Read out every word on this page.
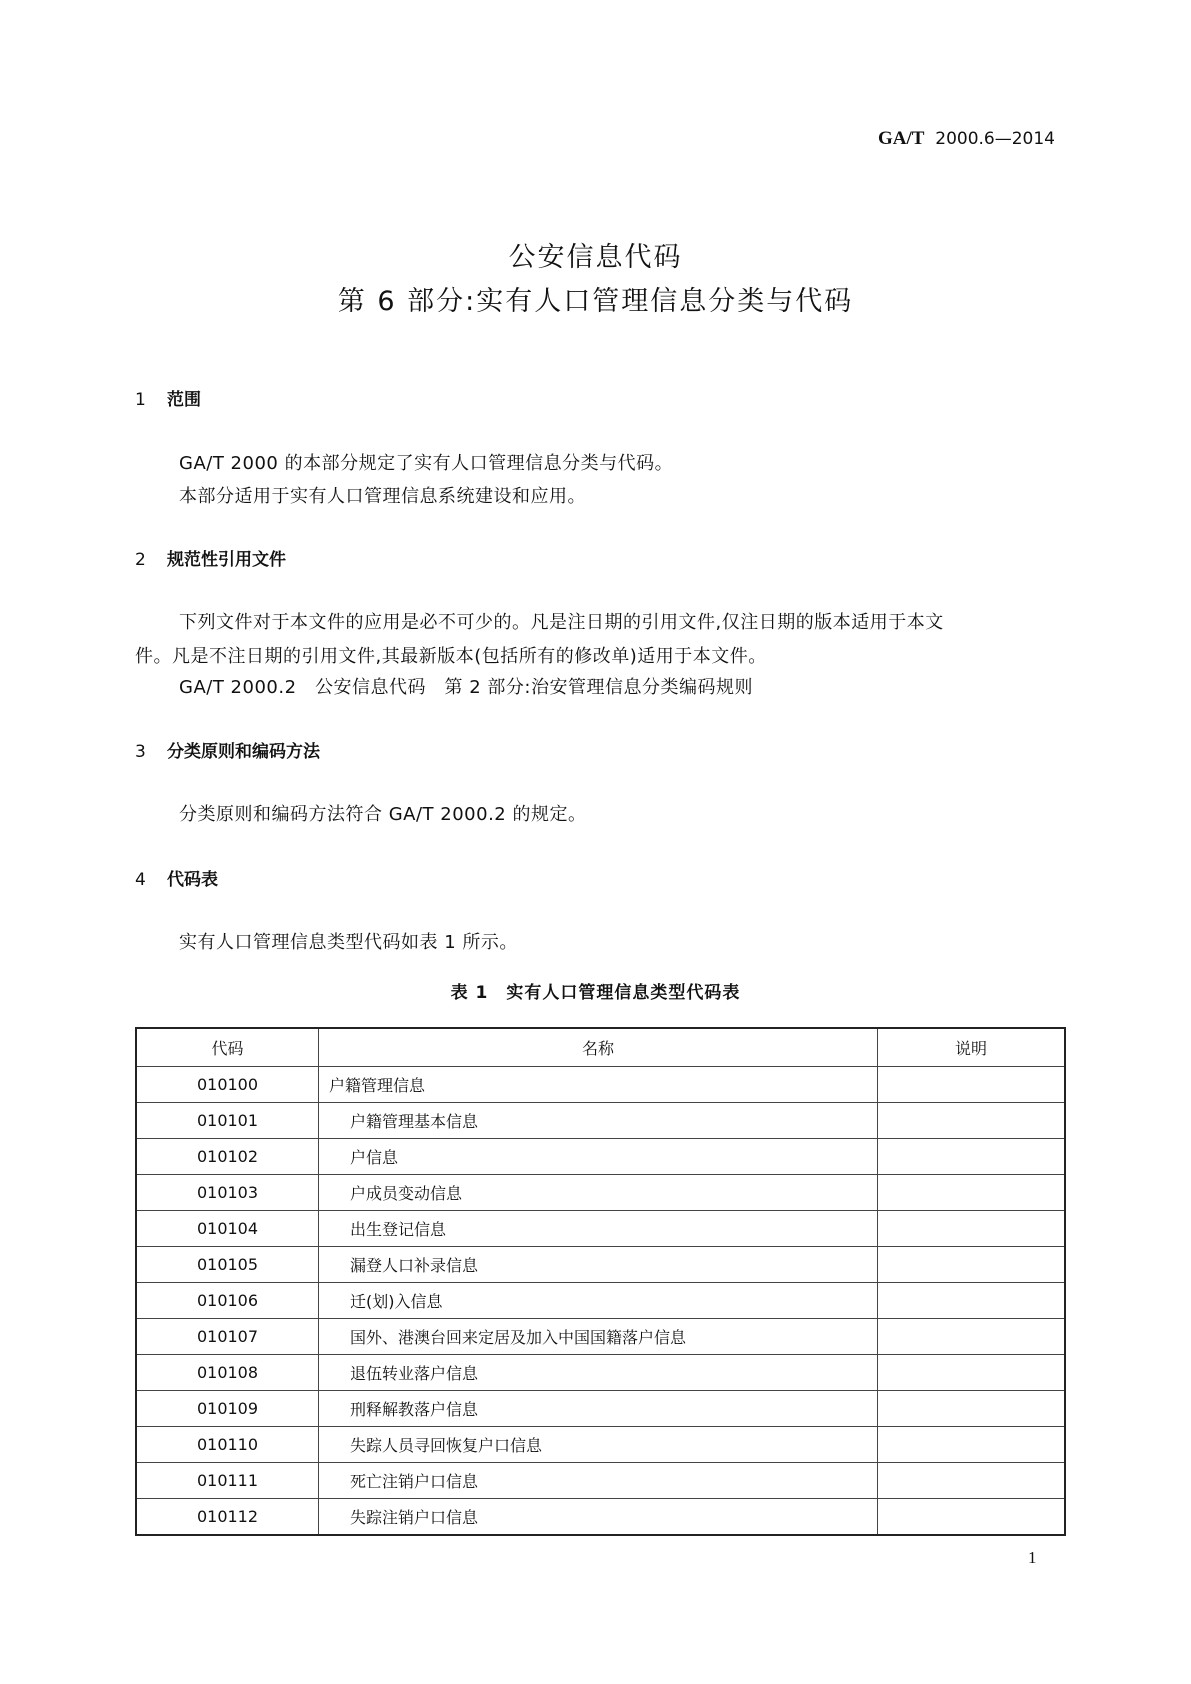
GA/T 2000.6—2014
公安信息代码
第 6 部分:实有人口管理信息分类与代码
1 范围
GA/T 2000 的本部分规定了实有人口管理信息分类与代码。
本部分适用于实有人口管理信息系统建设和应用。
2 规范性引用文件
下列文件对于本文件的应用是必不可少的。凡是注日期的引用文件,仅注日期的版本适用于本文
件。凡是不注日期的引用文件,其最新版本(包括所有的修改单)适用于本文件。
GA/T 2000.2　公安信息代码　第 2 部分:治安管理信息分类编码规则
3 分类原则和编码方法
分类原则和编码方法符合 GA/T 2000.2 的规定。
4 代码表
实有人口管理信息类型代码如表 1 所示。
表 1　实有人口管理信息类型代码表
代码	名称	说明
010100	户籍管理信息	
010101	户籍管理基本信息	
010102	户信息	
010103	户成员变动信息	
010104	出生登记信息	
010105	漏登人口补录信息	
010106	迁(划)入信息	
010107	国外、港澳台回来定居及加入中国国籍落户信息	
010108	退伍转业落户信息	
010109	刑释解教落户信息	
010110	失踪人员寻回恢复户口信息	
010111	死亡注销户口信息	
010112	失踪注销户口信息	
1
